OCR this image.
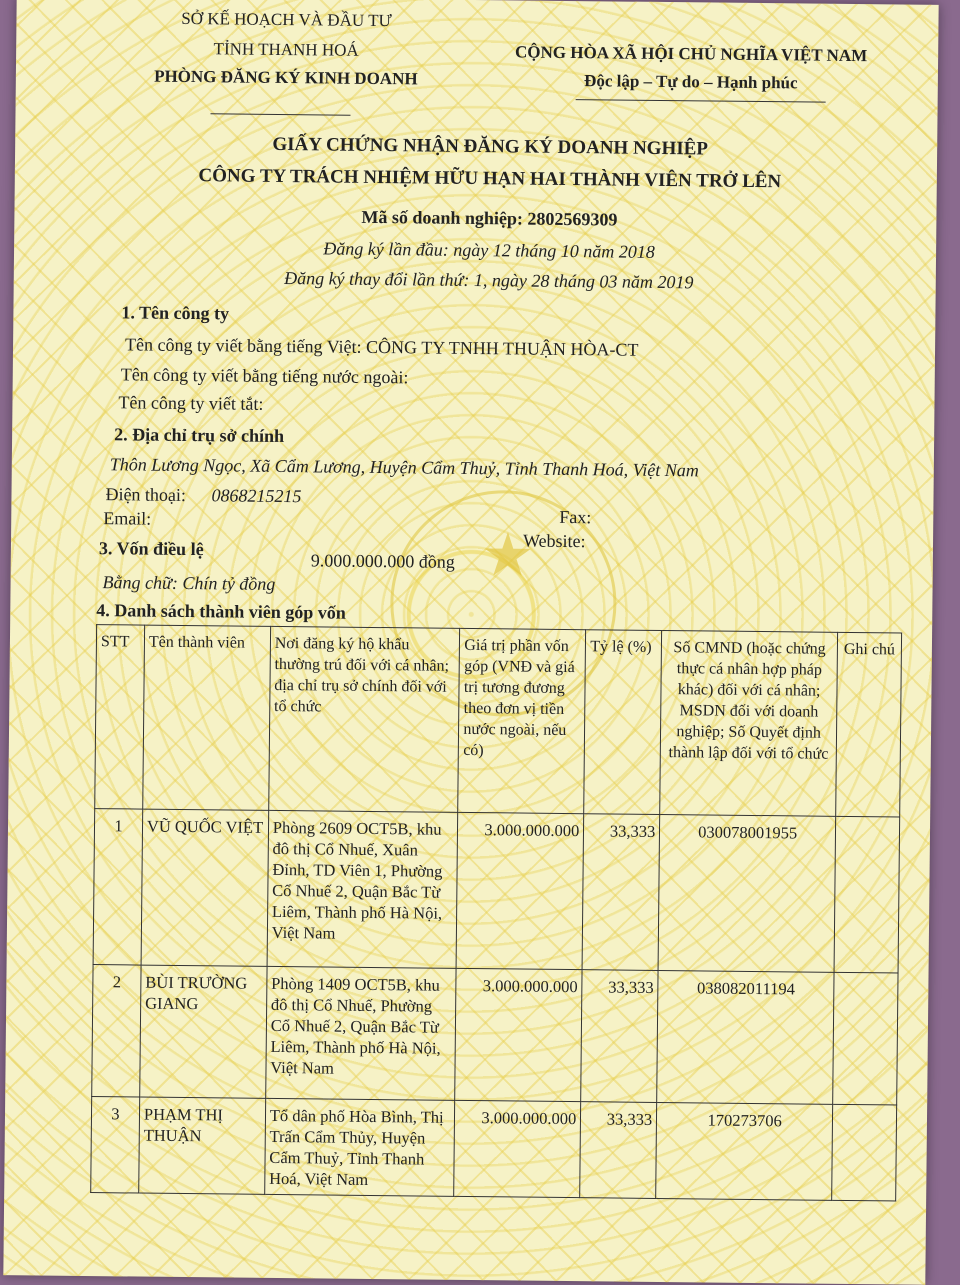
★
SỞ KẾ HOẠCH VÀ ĐẦU TƯ
TỈNH THANH HOÁ
PHÒNG ĐĂNG KÝ KINH DOANH
CỘNG HÒA XÃ HỘI CHỦ NGHĨA VIỆT NAM
Độc lập – Tự do – Hạnh phúc
GIẤY CHỨNG NHẬN ĐĂNG KÝ DOANH NGHIỆP
CÔNG TY TRÁCH NHIỆM HỮU HẠN HAI THÀNH VIÊN TRỞ LÊN
Mã số doanh nghiệp: 2802569309
Đăng ký lần đầu: ngày 12 tháng 10 năm 2018
Đăng ký thay đổi lần thứ: 1, ngày 28 tháng 03 năm 2019
1. Tên công ty
Tên công ty viết bằng tiếng Việt: CÔNG TY TNHH THUẬN HÒA-CT
Tên công ty viết bằng tiếng nước ngoài:
Tên công ty viết tắt:
2. Địa chỉ trụ sở chính
Thôn Lương Ngọc, Xã Cẩm Lương, Huyện Cẩm Thuỷ, Tỉnh Thanh Hoá, Việt Nam
Điện thoại: 0868215215
Email:	Fax:
Website:
3. Vốn điều lệ
9.000.000.000 đồng
Bằng chữ: Chín tỷ đồng
4. Danh sách thành viên góp vốn
STT	Tên thành viên	Nơi đăng ký hộ khẩu thường trú đối với cá nhân; địa chỉ trụ sở chính đối với tổ chức	Giá trị phần vốn góp (VNĐ và giá trị tương đương theo đơn vị tiền nước ngoài, nếu có)	Tỷ lệ (%)	Số CMND (hoặc chứng thực cá nhân hợp pháp khác) đối với cá nhân; MSDN đối với doanh nghiệp; Số Quyết định thành lập đối với tổ chức	Ghi chú
1	VŨ QUỐC VIỆT	Phòng 2609 OCT5B, khu đô thị Cổ Nhuế, Xuân Đỉnh, TD Viên 1, Phường Cổ Nhuế 2, Quận Bắc Từ Liêm, Thành phố Hà Nội, Việt Nam	3.000.000.000	33,333	030078001955	
2	BÙI TRƯỜNG GIANG	Phòng 1409 OCT5B, khu đô thị Cổ Nhuế, Phường Cổ Nhuế 2, Quận Bắc Từ Liêm, Thành phố Hà Nội, Việt Nam	3.000.000.000	33,333	038082011194	
3	PHẠM THỊ THUẬN	Tổ dân phố Hòa Bình, Thị Trấn Cẩm Thủy, Huyện Cẩm Thuỷ, Tỉnh Thanh Hoá, Việt Nam	3.000.000.000	33,333	170273706	
